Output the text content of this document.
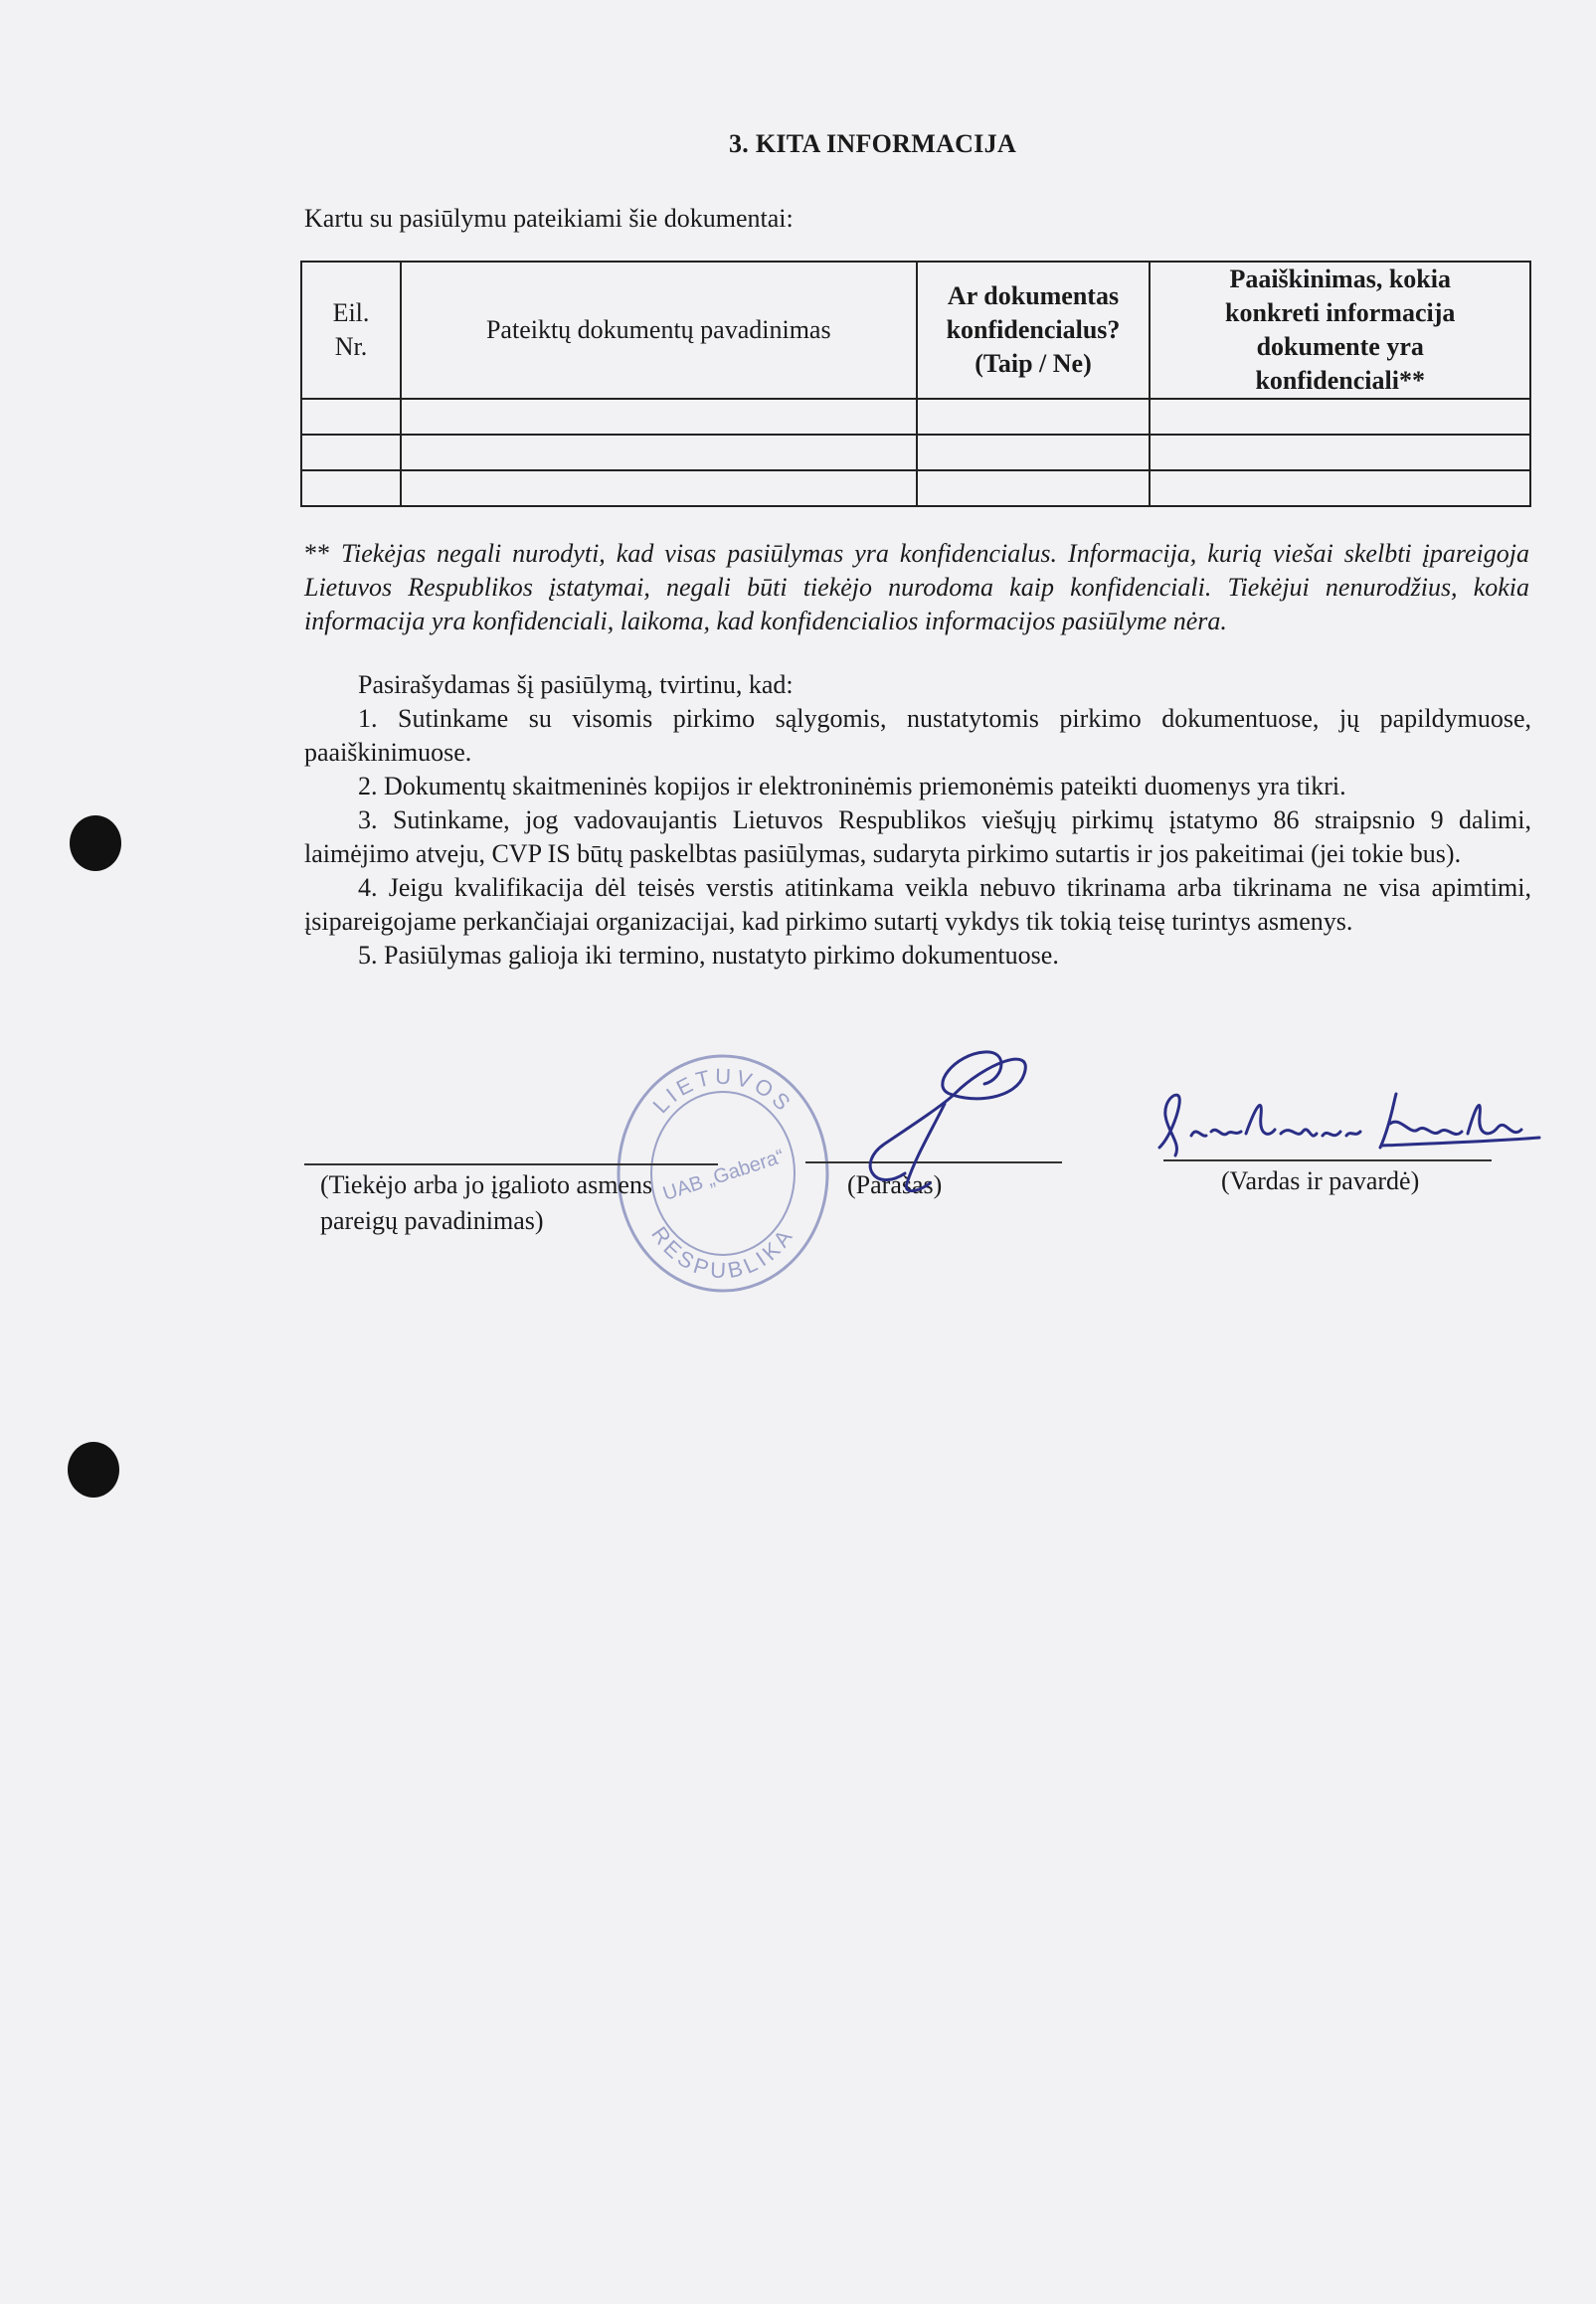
3. KITA INFORMACIJA
Kartu su pasiūlymu pateikiami šie dokumentai:
Eil. Nr.	Pateiktų dokumentų pavadinimas	Ar dokumentas konfidencialus? (Taip / Ne)	Paaiškinimas, kokia konkreti informacija dokumente yra konfidenciali**

** Tiekėjas negali nurodyti, kad visas pasiūlymas yra konfidencialus. Informacija, kurią viešai skelbti įpareigoja Lietuvos Respublikos įstatymai, negali būti tiekėjo nurodoma kaip konfidenciali. Tiekėjui nenurodžius, kokia informacija yra konfidenciali, laikoma, kad konfidencialios informacijos pasiūlyme nėra.

Pasirašydamas šį pasiūlymą, tvirtinu, kad:

1. Sutinkame su visomis pirkimo sąlygomis, nustatytomis pirkimo dokumentuose, jų papildymuose, paaiškinimuose.

2. Dokumentų skaitmeninės kopijos ir elektroninėmis priemonėmis pateikti duomenys yra tikri.

3. Sutinkame, jog vadovaujantis Lietuvos Respublikos viešųjų pirkimų įstatymo 86 straipsnio 9 dalimi, laimėjimo atveju, CVP IS būtų paskelbtas pasiūlymas, sudaryta pirkimo sutartis ir jos pakeitimai (jei tokie bus).

4. Jeigu kvalifikacija dėl teisės verstis atitinkama veikla nebuvo tikrinama arba tikrinama ne visa apimtimi, įsipareigojame perkančiajai organizacijai, kad pirkimo sutartį vykdys tik tokią teisę turintys asmenys.

5. Pasiūlymas galioja iki termino, nustatyto pirkimo dokumentuose.

LIETUVOS
RESPUBLIKA
UAB „Gabera“
(Tiekėjo arba jo įgalioto asmens
pareigų pavadinimas)
(Parašas)	(Vardas ir pavardė)
